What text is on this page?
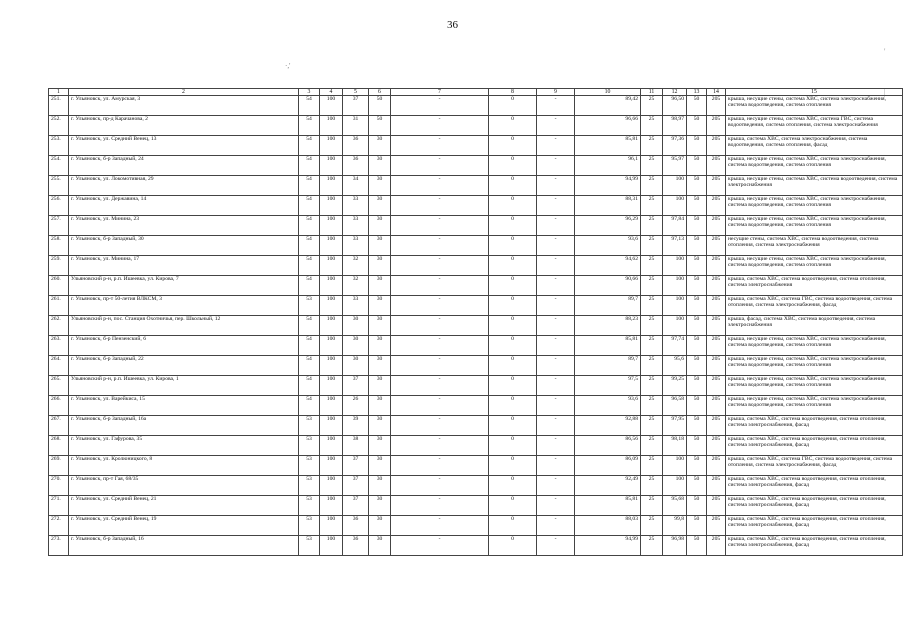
36
·,'
'
|
1	2	3	4	5	6	7	8	9	10	11	12	13	14	15
251.	г. Ульяновск, ул. Амурская, 3	54	100	37	50	-	0	-	89,42	25	96,50	50	205	крыша, несущие стены, система ХВС, система электроснабжения, система водоотведения, система отопления
252.	г. Ульяновск, пр-д Карачанова, 2	54	100	31	50	-	0	-	96,66	25	98,97	50	205	крыша, несущие стены, система ХВС, система ГВС, система водоотведения, система отопления, система электроснабжения
253.	г. Ульяновск, ул. Средний Венец, 13	54	100	36	30	-	0	-	85,81	25	97,36	50	205	крыша, система ХВС, система электроснабжения, система водоотведения, система отопления, фасад
254.	г. Ульяновск, б-р Западный, 24	54	100	36	30	-	0	-	96,1	25	95,97	50	205	крыша, несущие стены, система ХВС, система электроснабжения, система водоотведения, система отопления
255.	г. Ульяновск, ул. Локомотивная, 29	54	100	34	30	-	0	-	94,99	25	100	50	205	крыша, несущие стены, система ХВС, система водоотведения, система электроснабжения
256.	г. Ульяновск, ул. Державина, 14	54	100	33	30	-	0	-	88,31	25	100	50	205	крыша, несущие стены, система ХВС, система электроснабжения, система водоотведения, система отопления
257.	г. Ульяновск, ул. Минина, 23	54	100	33	30	-	0	-	96,29	25	97,84	50	205	крыша, несущие стены, система ХВС, система электроснабжения, система водоотведения, система отопления
258.	г. Ульяновск, б-р Западный, 30	54	100	33	30	-	0	-	93,6	25	97,13	50	205	несущие стены, система ХВС, система водоотведения, система отопления, система электроснабжения
259.	г. Ульяновск, ул. Минина, 17	54	100	32	30	-	0	-	94,62	25	100	50	205	крыша, несущие стены, система ХВС, система электроснабжения, система водоотведения, система отопления
260.	Ульяновский р-н, р.п. Ишеевка, ул. Кирова, 7	54	100	32	30	-	0	-	90,66	25	100	50	205	крыша, система ХВС, система водоотведения, система отопления, система электроснабжения
261.	г. Ульяновск, пр-т 50-летия ВЛКСМ, 3	53	100	33	30	-	0	-	89,7	25	100	50	205	крыша, система ХВС, система ГВС, система водоотведения, система отопления, система электроснабжения, фасад
262.	Ульяновский р-н, пос. Станция Охотничья, пер. Школьный, 12	54	100	30	30	-	0	-	88,23	25	100	50	205	крыша, фасад, система ХВС, система водоотведения, система электроснабжения
263.	г. Ульяновск, б-р Пензенский, 6	54	100	30	30	-	0	-	85,81	25	97,74	50	205	крыша, несущие стены, система ХВС, система электроснабжения, система водоотведения, система отопления
264.	г. Ульяновск, б-р Западный, 22	54	100	30	30	-	0	-	89,7	25	95,6	50	205	крыша, несущие стены, система ХВС, система электроснабжения, система водоотведения, система отопления
265.	Ульяновский р-н, р.п. Ишеевка, ул. Кирова, 1	54	100	37	30	-	0	-	97,5	25	99,25	50	205	крыша, несущие стены, система ХВС, система электроснабжения, система водоотведения, система отопления
266.	г. Ульяновск, ул. Варейкиса, 15	54	100	26	30	-	0	-	93,6	25	96,58	50	205	крыша, несущие стены, система ХВС, система электроснабжения, система водоотведения, система отопления
267.	г. Ульяновск, б-р Западный, 16а	53	100	39	30	-	0	-	92,88	25	97,95	50	205	крыша, система ХВС, система водоотведения, система отопления, система электроснабжения, фасад
268.	г. Ульяновск, ул. Гафурова, 35	53	100	38	30	-	0	-	86,56	25	98,18	50	205	крыша, система ХВС, система водоотведения, система отопления, система электроснабжения, фасад
269.	г. Ульяновск, ул. Кролюницкого, 8	53	100	37	30	-	0	-	86,09	25	100	50	205	крыша, система ХВС, система ГВС, система водоотведения, система отопления, система электроснабжения, фасад
270.	г. Ульяновск, пр-т Гая, 68/35	53	100	37	30	-	0	-	92,49	25	100	50	205	крыша, система ХВС, система водоотведения, система отопления, система электроснабжения, фасад
271.	г. Ульяновск, ул. Средний Венец, 21	53	100	37	30	-	0	-	85,81	25	95,68	50	205	крыша, система ХВС, система водоотведения, система отопления, система электроснабжения, фасад
272.	г. Ульяновск, ул. Средний Венец, 19	53	100	36	30	-	0	-	88,03	25	99,8	50	205	крыша, система ХВС, система водоотведения, система отопления, система электроснабжения, фасад
273.	г. Ульяновск, б-р Западный, 16	53	100	36	30	-	0	-	94,99	25	96,98	50	205	крыша, система ХВС, система водоотведения, система отопления, система электроснабжения, фасад
